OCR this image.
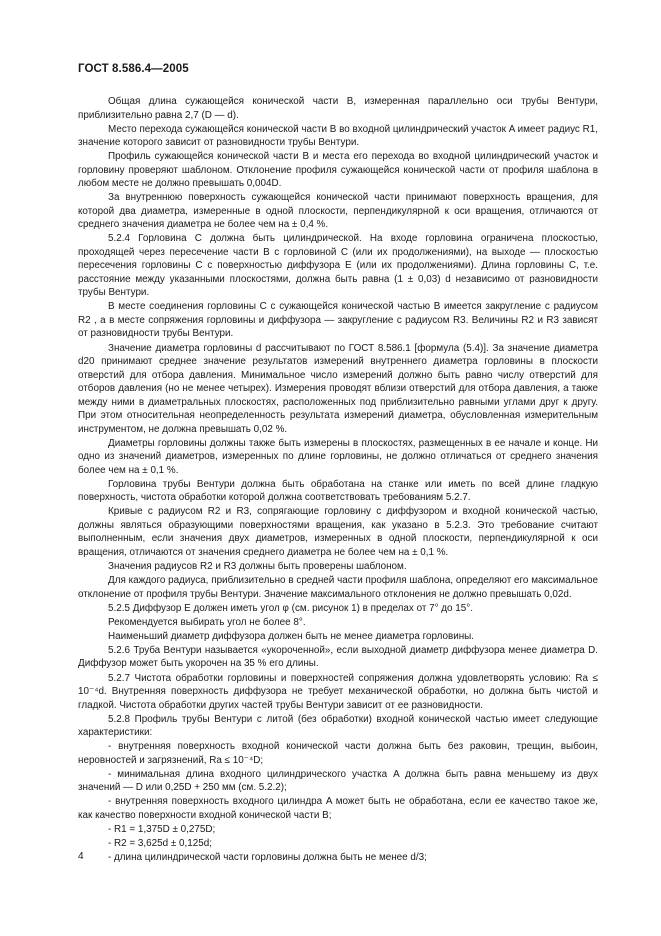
ГОСТ 8.586.4—2005

Общая длина сужающейся конической части B, измеренная параллельно оси трубы Вентури, приблизительно равна 2,7 (D — d).

Место перехода сужающейся конической части B во входной цилиндрический участок A имеет радиус R1, значение которого зависит от разновидности трубы Вентури.

Профиль сужающейся конической части B и места его перехода во входной цилиндрический участок и горловину проверяют шаблоном. Отклонение профиля сужающейся конической части от профиля шаблона в любом месте не должно превышать 0,004D.

За внутреннюю поверхность сужающейся конической части принимают поверхность вращения, для которой два диаметра, измеренные в одной плоскости, перпендикулярной к оси вращения, отличаются от среднего значения диаметра не более чем на ± 0,4 %.

5.2.4 Горловина C должна быть цилиндрической. На входе горловина ограничена плоскостью, проходящей через пересечение части B с горловиной C (или их продолжениями), на выходе — плоскостью пересечения горловины C с поверхностью диффузора E (или их продолжениями). Длина горловины C, т.е. расстояние между указанными плоскостями, должна быть равна (1 ± 0,03) d независимо от разновидности трубы Вентури.

В месте соединения горловины C с сужающейся конической частью B имеется закругление с радиусом R2 , а в месте сопряжения горловины и диффузора — закругление с радиусом R3. Величины R2 и R3 зависят от разновидности трубы Вентури.

Значение диаметра горловины d рассчитывают по ГОСТ 8.586.1 [формула (5.4)]. За значение диаметра d20 принимают среднее значение результатов измерений внутреннего диаметра горловины в плоскости отверстий для отбора давления. Минимальное число измерений должно быть равно числу отверстий для отборов давления (но не менее четырех). Измерения проводят вблизи отверстий для отбора давления, а также между ними в диаметральных плоскостях, расположенных под приблизительно равными углами друг к другу. При этом относительная неопределенность результата измерений диаметра, обусловленная измерительным инструментом, не должна превышать 0,02 %.

Диаметры горловины должны также быть измерены в плоскостях, размещенных в ее начале и конце. Ни одно из значений диаметров, измеренных по длине горловины, не должно отличаться от среднего значения более чем на ± 0,1 %.

Горловина трубы Вентури должна быть обработана на станке или иметь по всей длине гладкую поверхность, чистота обработки которой должна соответствовать требованиям 5.2.7.

Кривые с радиусом R2 и R3, сопрягающие горловину с диффузором и входной конической частью, должны являться образующими поверхностями вращения, как указано в 5.2.3. Это требование считают выполненным, если значения двух диаметров, измеренных в одной плоскости, перпендикулярной к оси вращения, отличаются от значения среднего диаметра не более чем на ± 0,1 %.

Значения радиусов R2 и R3 должны быть проверены шаблоном.

Для каждого радиуса, приблизительно в средней части профиля шаблона, определяют его максимальное отклонение от профиля трубы Вентури. Значение максимального отклонения не должно превышать 0,02d.

5.2.5 Диффузор E должен иметь угол φ (см. рисунок 1) в пределах от 7° до 15°.

Рекомендуется выбирать угол не более 8°.

Наименьший диаметр диффузора должен быть не менее диаметра горловины.

5.2.6 Труба Вентури называется «укороченной», если выходной диаметр диффузора менее диаметра D. Диффузор может быть укорочен на 35 % его длины.

5.2.7 Чистота обработки горловины и поверхностей сопряжения должна удовлетворять условию: Ra ≤ 10⁻⁴d. Внутренняя поверхность диффузора не требует механической обработки, но должна быть чистой и гладкой. Чистота обработки других частей трубы Вентури зависит от ее разновидности.

5.2.8 Профиль трубы Вентури с литой (без обработки) входной конической частью имеет следующие характеристики:

- внутренняя поверхность входной конической части должна быть без раковин, трещин, выбоин, неровностей и загрязнений, Ra ≤ 10⁻⁴D;

- минимальная длина входного цилиндрического участка A должна быть равна меньшему из двух значений — D или 0,25D + 250 мм (см. 5.2.2);

- внутренняя поверхность входного цилиндра A может быть не обработана, если ее качество такое же, как качество поверхности входной конической части B;

- R1 = 1,375D ± 0,275D;

- R2 = 3,625d ± 0,125d;

- длина цилиндрической части горловины должна быть не менее d/3;

4
